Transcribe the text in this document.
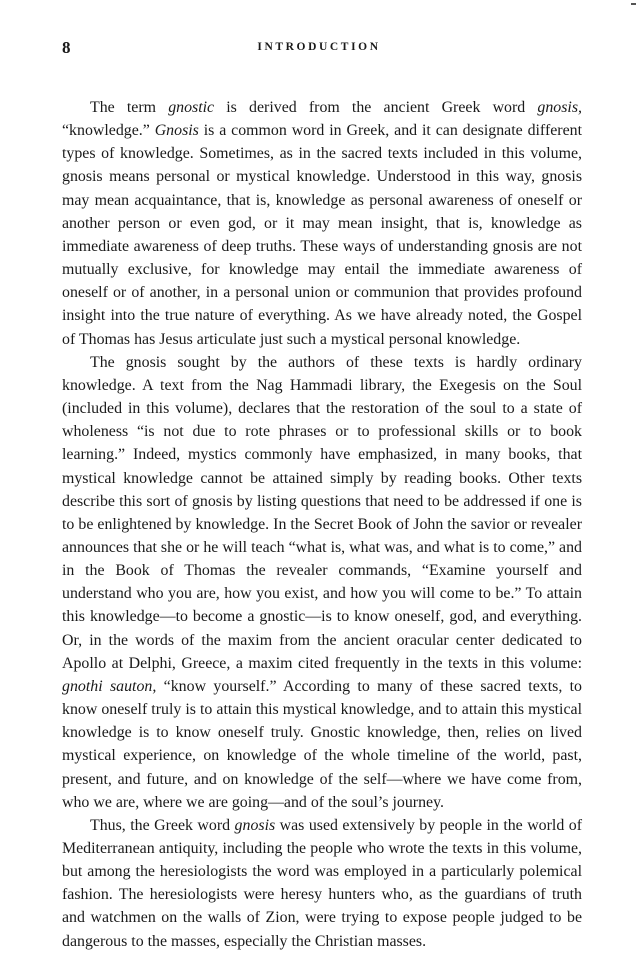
8	INTRODUCTION

The term gnostic is derived from the ancient Greek word gnosis, “knowledge.” Gnosis is a common word in Greek, and it can designate different types of knowledge. Sometimes, as in the sacred texts included in this volume, gnosis means personal or mystical knowledge. Understood in this way, gnosis may mean acquaintance, that is, knowledge as personal awareness of oneself or another person or even god, or it may mean insight, that is, knowledge as immediate awareness of deep truths. These ways of understanding gnosis are not mutually exclusive, for knowledge may entail the immediate awareness of oneself or of another, in a personal union or communion that provides profound insight into the true nature of everything. As we have already noted, the Gospel of Thomas has Jesus articulate just such a mystical personal knowledge.

The gnosis sought by the authors of these texts is hardly ordinary knowledge. A text from the Nag Hammadi library, the Exegesis on the Soul (included in this volume), declares that the restoration of the soul to a state of wholeness “is not due to rote phrases or to professional skills or to book learning.” Indeed, mystics commonly have emphasized, in many books, that mystical knowledge cannot be attained simply by reading books. Other texts describe this sort of gnosis by listing questions that need to be addressed if one is to be enlightened by knowledge. In the Secret Book of John the savior or revealer announces that she or he will teach “what is, what was, and what is to come,” and in the Book of Thomas the revealer commands, “Examine yourself and understand who you are, how you exist, and how you will come to be.” To attain this knowledge—to become a gnostic—is to know oneself, god, and everything. Or, in the words of the maxim from the ancient oracular center dedicated to Apollo at Delphi, Greece, a maxim cited frequently in the texts in this volume: gnothi sauton, “know yourself.” According to many of these sacred texts, to know oneself truly is to attain this mystical knowledge, and to attain this mystical knowledge is to know oneself truly. Gnostic knowledge, then, relies on lived mystical experience, on knowledge of the whole timeline of the world, past, present, and future, and on knowledge of the self—where we have come from, who we are, where we are going—and of the soul’s journey.

Thus, the Greek word gnosis was used extensively by people in the world of Mediterranean antiquity, including the people who wrote the texts in this volume, but among the heresiologists the word was employed in a particularly polemical fashion. The heresiologists were heresy hunters who, as the guardians of truth and watchmen on the walls of Zion, were trying to expose people judged to be dangerous to the masses, especially the Christian masses.
